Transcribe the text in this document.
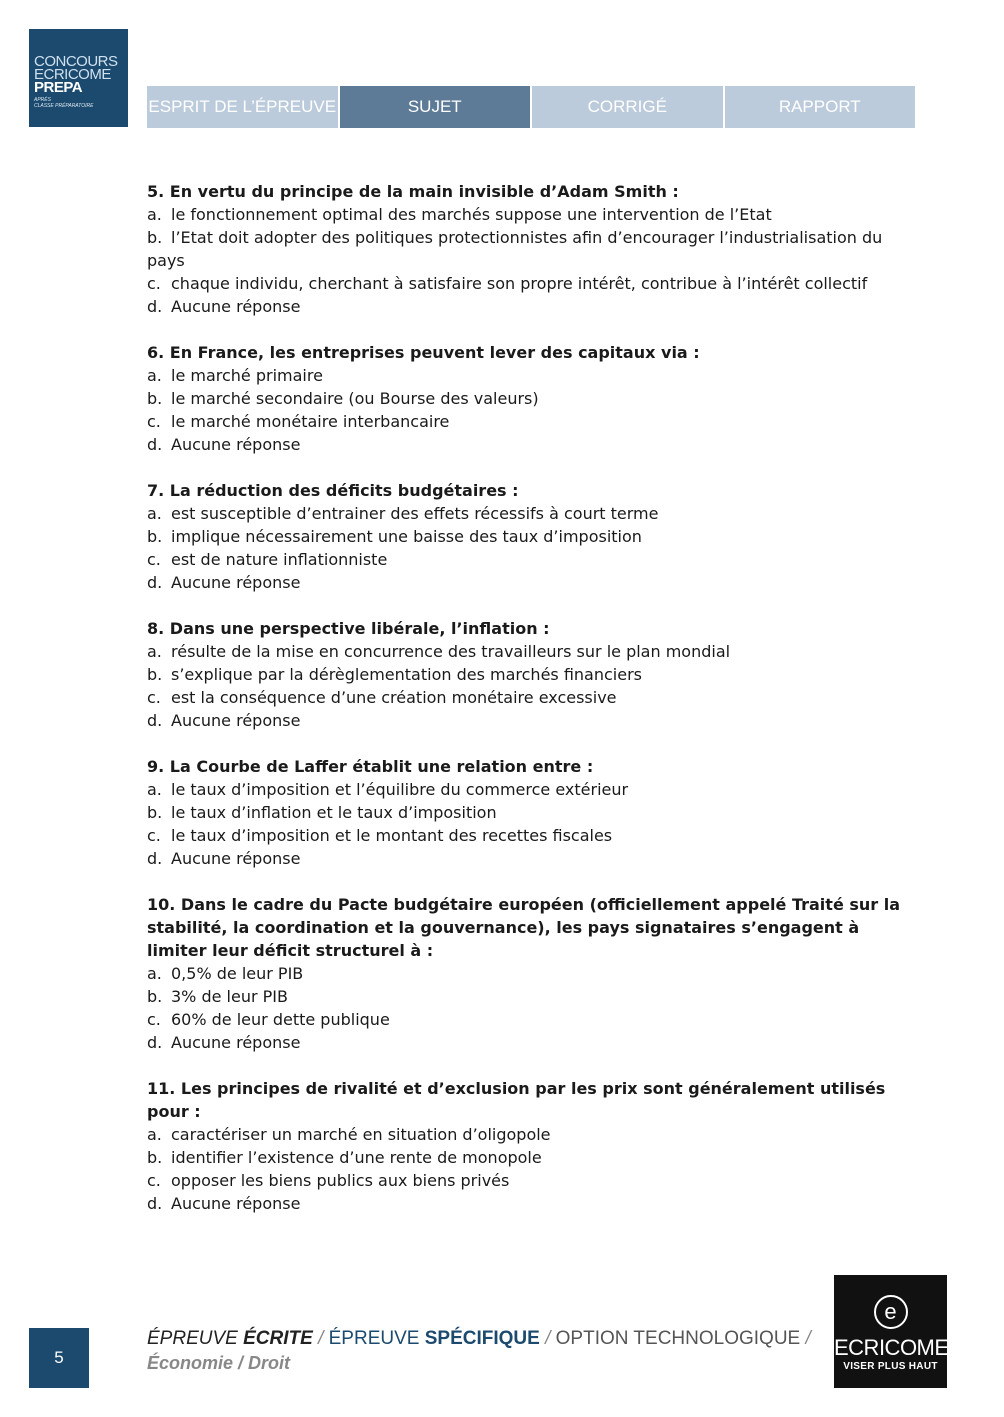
CONCOURS
ECRICOME
PREPA
APRÈS
CLASSE PRÉPARATOIRE	ESPRIT DE L’ÉPREUVE	SUJET	CORRIGÉ	RAPPORT
5. En vertu du principe de la main invisible d’Adam Smith :
a. le fonctionnement optimal des marchés suppose une intervention de l’Etat
b. l’Etat doit adopter des politiques protectionnistes afin d’encourager l’industrialisation du pays
c. chaque individu, cherchant à satisfaire son propre intérêt, contribue à l’intérêt collectif
d. Aucune réponse
6. En France, les entreprises peuvent lever des capitaux via :
a. le marché primaire
b. le marché secondaire (ou Bourse des valeurs)
c. le marché monétaire interbancaire
d. Aucune réponse
7. La réduction des déficits budgétaires :
a. est susceptible d’entrainer des effets récessifs à court terme
b. implique nécessairement une baisse des taux d’imposition
c. est de nature inflationniste
d. Aucune réponse
8. Dans une perspective libérale, l’inflation :
a. résulte de la mise en concurrence des travailleurs sur le plan mondial
b. s’explique par la dérèglementation des marchés financiers
c. est la conséquence d’une création monétaire excessive
d. Aucune réponse
9. La Courbe de Laffer établit une relation entre :
a. le taux d’imposition et l’équilibre du commerce extérieur
b. le taux d’inflation et le taux d’imposition
c. le taux d’imposition et le montant des recettes fiscales
d. Aucune réponse
10. Dans le cadre du Pacte budgétaire européen (officiellement appelé Traité sur la stabilité, la coordination et la gouvernance), les pays signataires s’engagent à limiter leur déficit structurel à :
a. 0,5% de leur PIB
b. 3% de leur PIB
c. 60% de leur dette publique
d. Aucune réponse
11. Les principes de rivalité et d’exclusion par les prix sont généralement utilisés pour :
a. caractériser un marché en situation d’oligopole
b. identifier l’existence d’une rente de monopole
c. opposer les biens publics aux biens privés
d. Aucune réponse
5
ÉPREUVE ÉCRITE / ÉPREUVE SPÉCIFIQUE / OPTION TECHNOLOGIQUE /
Économie / Droit
e
ECRICOME
VISER PLUS HAUT
